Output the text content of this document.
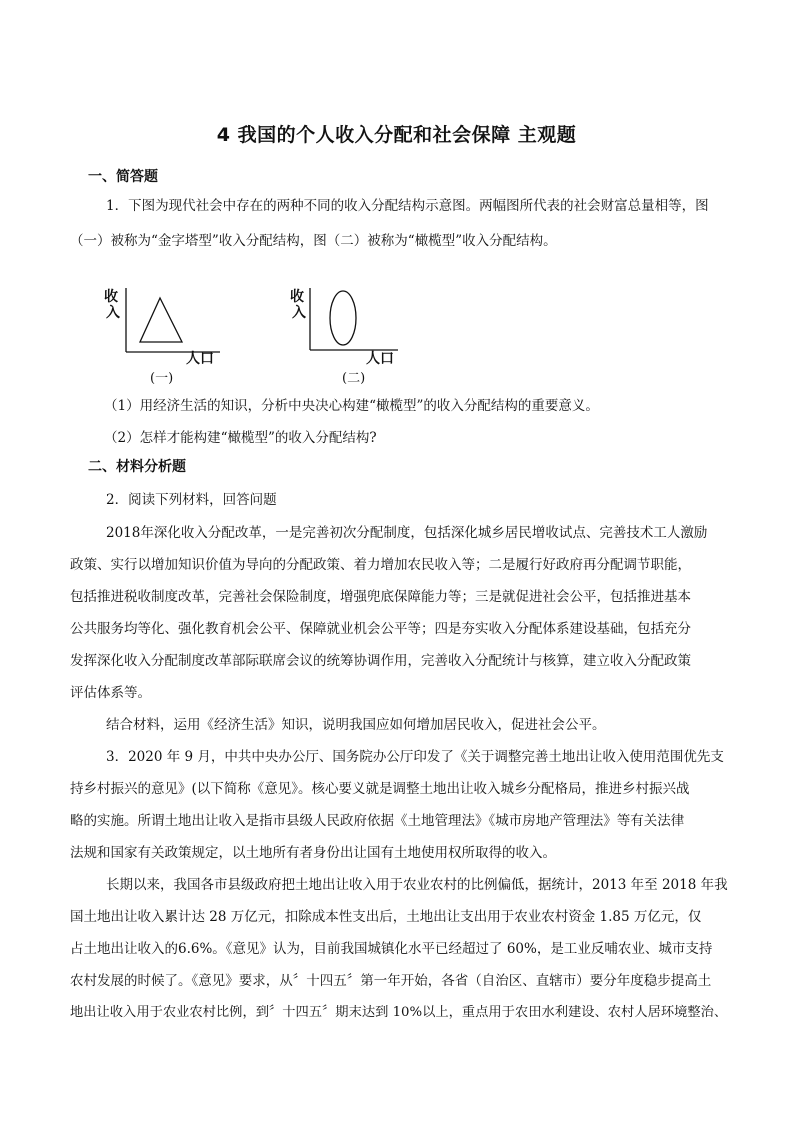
4 我国的个人收入分配和社会保障 主观题
一、简答题
1．下图为现代社会中存在的两种不同的收入分配结构示意图。两幅图所代表的社会财富总量相等，图
（一）被称为“金字塔型”收入分配结构，图（二）被称为“橄榄型”收入分配结构。
收
入
人口
(一)
收
入
人口
(二)
（1）用经济生活的知识，分析中央决心构建“橄榄型”的收入分配结构的重要意义。
（2）怎样才能构建“橄榄型”的收入分配结构?
二、材料分析题
2．阅读下列材料，回答问题
2018年深化收入分配改革，一是完善初次分配制度，包括深化城乡居民增收试点、完善技术工人激励
政策、实行以增加知识价值为导向的分配政策、着力增加农民收入等；二是履行好政府再分配调节职能，
包括推进税收制度改革，完善社会保险制度，增强兜底保障能力等；三是就促进社会公平，包括推进基本
公共服务均等化、强化教育机会公平、保障就业机会公平等；四是夯实收入分配体系建设基础，包括充分
发挥深化收入分配制度改革部际联席会议的统筹协调作用，完善收入分配统计与核算，建立收入分配政策
评估体系等。
结合材料，运用《经济生活》知识，说明我国应如何增加居民收入，促进社会公平。
3．2020 年 9 月，中共中央办公厅、国务院办公厅印发了《关于调整完善土地出让收入使用范围优先支
持乡村振兴的意见》(以下简称《意见》。核心要义就是调整土地出让收入城乡分配格局，推进乡村振兴战
略的实施。所谓土地出让收入是指市县级人民政府依据《土地管理法》《城市房地产管理法》等有关法律
法规和国家有关政策规定，以土地所有者身份出让国有土地使用权所取得的收入。
长期以来，我国各市县级政府把土地出让收入用于农业农村的比例偏低，据统计，2013 年至 2018 年我
国土地出让收入累计达 28 万亿元，扣除成本性支出后，土地出让支出用于农业农村资金 1.85 万亿元，仅
占土地出让收入的6.6%。《意见》认为，目前我国城镇化水平已经超过了 60%，是工业反哺农业、城市支持
农村发展的时候了。《意见》要求，从〞十四五〞第一年开始，各省（自治区、直辖市）要分年度稳步提高土
地出让收入用于农业农村比例，到〞十四五〞期末达到 10%以上，重点用于农田水利建设、农村人居环境整治、
